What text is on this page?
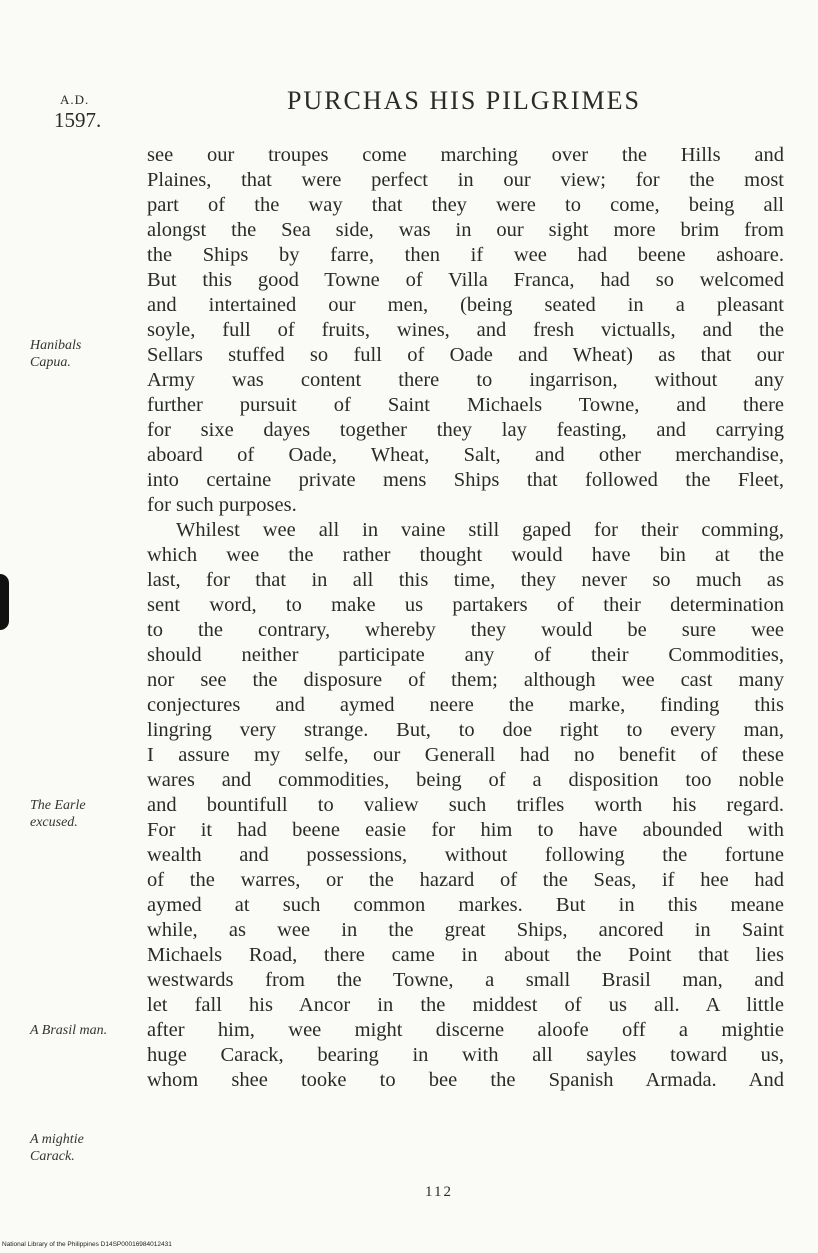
A.D.
1597.
PURCHAS HIS PILGRIMES
see our troupes come marching over the Hills and
Plaines, that were perfect in our view; for the most
part of the way that they were to come, being all
alongst the Sea side, was in our sight more brim from
the Ships by farre, then if wee had beene ashoare.
But this good Towne of Villa Franca, had so welcomed
and intertained our men, (being seated in a pleasant
soyle, full of fruits, wines, and fresh victualls, and the
Sellars stuffed so full of Oade and Wheat) as that our
Army was content there to ingarrison, without any
further pursuit of Saint Michaels Towne, and there
for sixe dayes together they lay feasting, and carrying
aboard of Oade, Wheat, Salt, and other merchandise,
into certaine private mens Ships that followed the Fleet,
for such purposes.
Whilest wee all in vaine still gaped for their comming,
which wee the rather thought would have bin at the
last, for that in all this time, they never so much as
sent word, to make us partakers of their determination
to the contrary, whereby they would be sure wee
should neither participate any of their Commodities,
nor see the disposure of them; although wee cast many
conjectures and aymed neere the marke, finding this
lingring very strange. But, to doe right to every man,
I assure my selfe, our Generall had no benefit of these
wares and commodities, being of a disposition too noble
and bountifull to valiew such trifles worth his regard.
For it had beene easie for him to have abounded with
wealth and possessions, without following the fortune
of the warres, or the hazard of the Seas, if hee had
aymed at such common markes. But in this meane
while, as wee in the great Ships, ancored in Saint
Michaels Road, there came in about the Point that lies
westwards from the Towne, a small Brasil man, and
let fall his Ancor in the middest of us all. A little
after him, wee might discerne aloofe off a mightie
huge Carack, bearing in with all sayles toward us,
whom shee tooke to bee the Spanish Armada. And
Hanibals
Capua.
The Earle
excused.
A Brasil man.
A mightie
Carack.
112
National Library of the Philippines D14SP00016984012431
